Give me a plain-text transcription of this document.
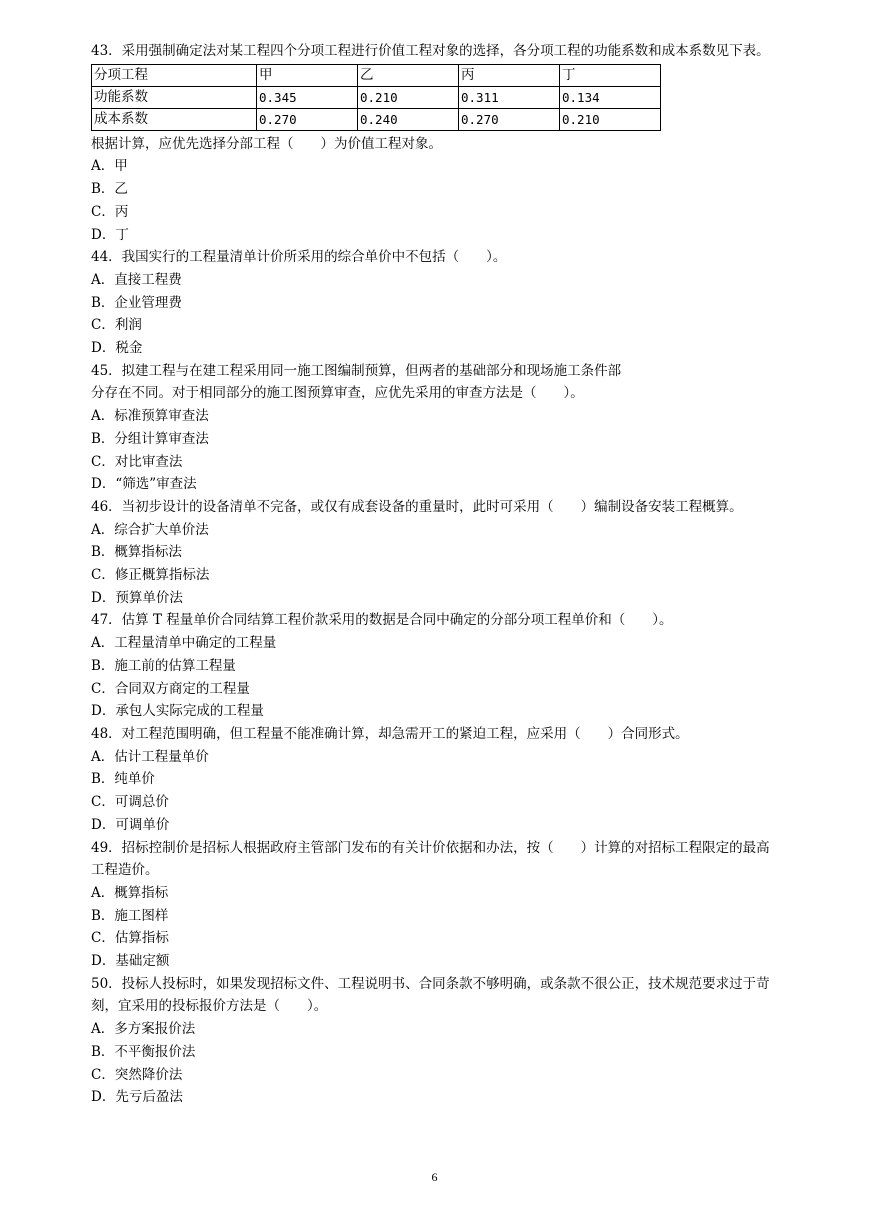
43．采用强制确定法对某工程四个分项工程进行价值工程对象的选择，各分项工程的功能系数和成本系数见下表。
分项工程	甲	乙	丙	丁
功能系数	0.345	0.210	0.311	0.134
成本系数	0.270	0.240	0.270	0.210
根据计算，应优先选择分部工程（　　）为价值工程对象。
A．甲
B．乙
C．丙
D．丁
44．我国实行的工程量清单计价所采用的综合单价中不包括（　　）。
A．直接工程费
B．企业管理费
C．利润
D．税金
45．拟建工程与在建工程采用同一施工图编制预算，但两者的基础部分和现场施工条件部
分存在不同。对于相同部分的施工图预算审查，应优先采用的审查方法是（　　）。
A．标准预算审查法
B．分组计算审查法
C．对比审查法
D．“筛选”审查法
46．当初步设计的设备清单不完备，或仅有成套设备的重量时，此时可采用（　　）编制设备安装工程概算。
A．综合扩大单价法
B．概算指标法
C．修正概算指标法
D．预算单价法
47．估算 T 程量单价合同结算工程价款采用的数据是合同中确定的分部分项工程单价和（　　）。
A．工程量清单中确定的工程量
B．施工前的估算工程量
C．合同双方商定的工程量
D．承包人实际完成的工程量
48．对工程范围明确，但工程量不能准确计算，却急需开工的紧迫工程，应采用（　　）合同形式。
A．估计工程量单价
B．纯单价
C．可调总价
D．可调单价
49．招标控制价是招标人根据政府主管部门发布的有关计价依据和办法，按（　　）计算的对招标工程限定的最高工程造价。
A．概算指标
B．施工图样
C．估算指标
D．基础定额
50．投标人投标时，如果发现招标文件、工程说明书、合同条款不够明确，或条款不很公正，技术规范要求过于苛刻，宜采用的投标报价方法是（　　）。
A．多方案报价法
B．不平衡报价法
C．突然降价法
D．先亏后盈法
6
